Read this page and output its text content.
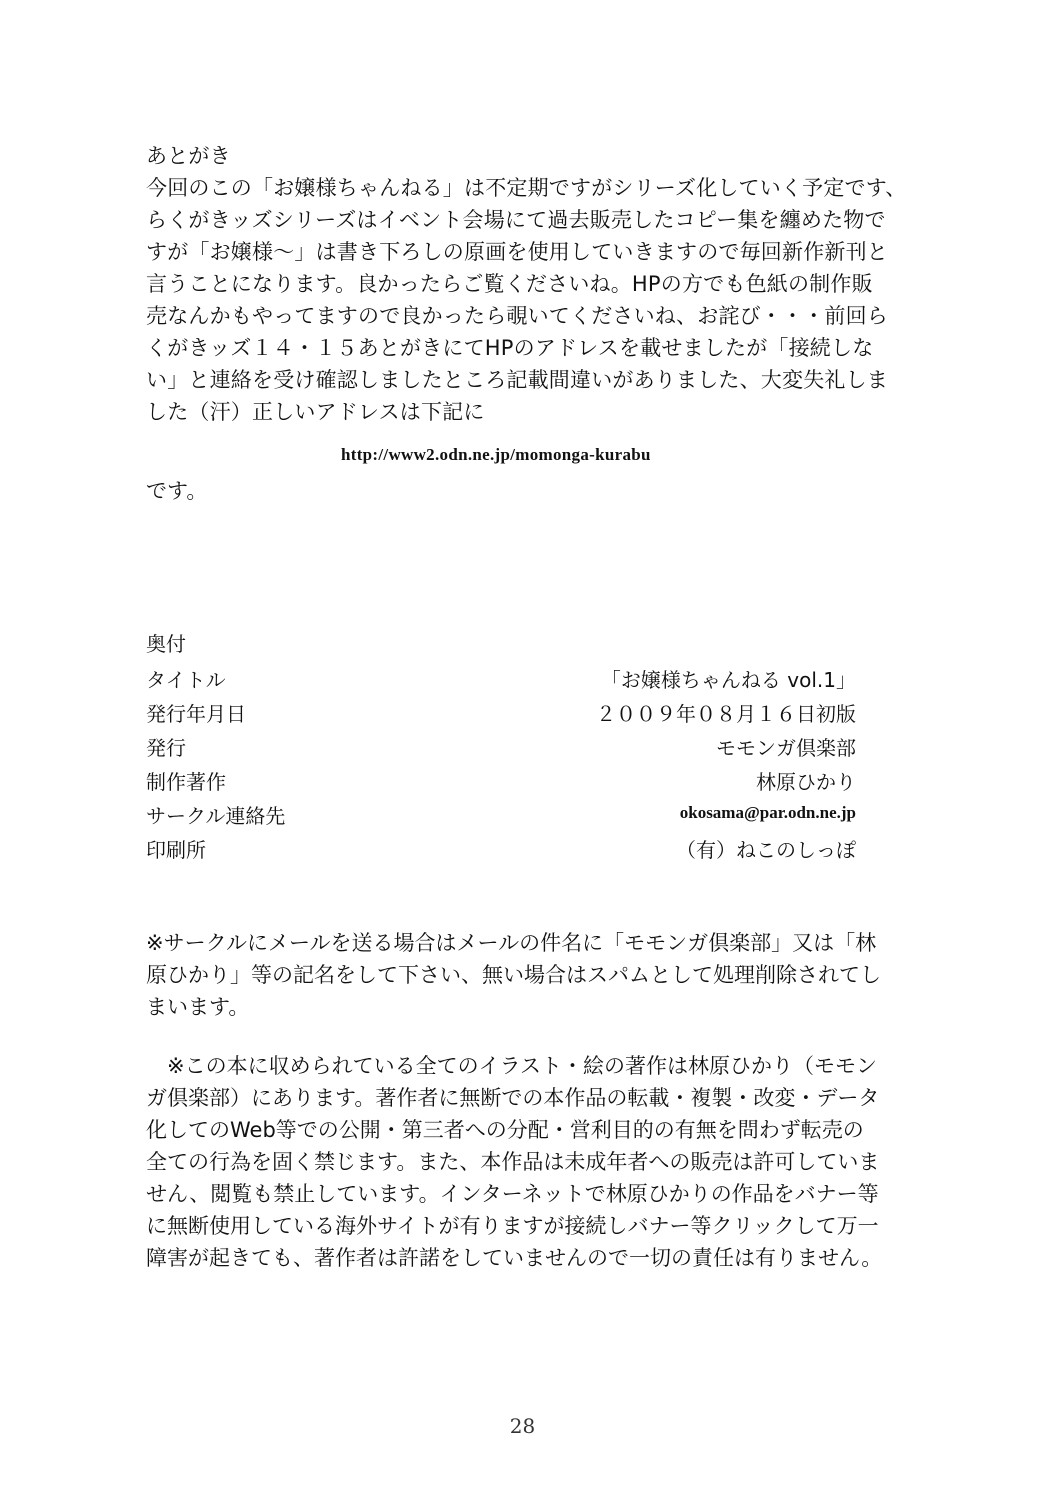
あとがき
今回のこの「お嬢様ちゃんねる」は不定期ですがシリーズ化していく予定です、
らくがきッズシリーズはイベント会場にて過去販売したコピー集を纏めた物で
すが「お嬢様～」は書き下ろしの原画を使用していきますので毎回新作新刊と
言うことになります。良かったらご覧くださいね。HPの方でも色紙の制作販
売なんかもやってますので良かったら覗いてくださいね、お詫び・・・前回ら
くがきッズ１４・１５あとがきにてHPのアドレスを載せましたが「接続しな
い」と連絡を受け確認しましたところ記載間違いがありました、大変失礼しま
した（汗）正しいアドレスは下記に
http://www2.odn.ne.jp/momonga-kurabu
です。
奥付
タイトル	「お嬢様ちゃんねる vol.1」
発行年月日	２００９年０８月１６日初版
発行	モモンガ倶楽部
制作著作	林原ひかり
サークル連絡先	okosama@par.odn.ne.jp
印刷所	（有）ねこのしっぽ
※サークルにメールを送る場合はメールの件名に「モモンガ倶楽部」又は「林
原ひかり」等の記名をして下さい、無い場合はスパムとして処理削除されてし
まいます。
　※この本に収められている全てのイラスト・絵の著作は林原ひかり（モモン
ガ倶楽部）にあります。著作者に無断での本作品の転載・複製・改変・データ
化してのWeb等での公開・第三者への分配・営利目的の有無を問わず転売の
全ての行為を固く禁じます。また、本作品は未成年者への販売は許可していま
せん、閲覧も禁止しています。インターネットで林原ひかりの作品をバナー等
に無断使用している海外サイトが有りますが接続しバナー等クリックして万一
障害が起きても、著作者は許諾をしていませんので一切の責任は有りません。
28
